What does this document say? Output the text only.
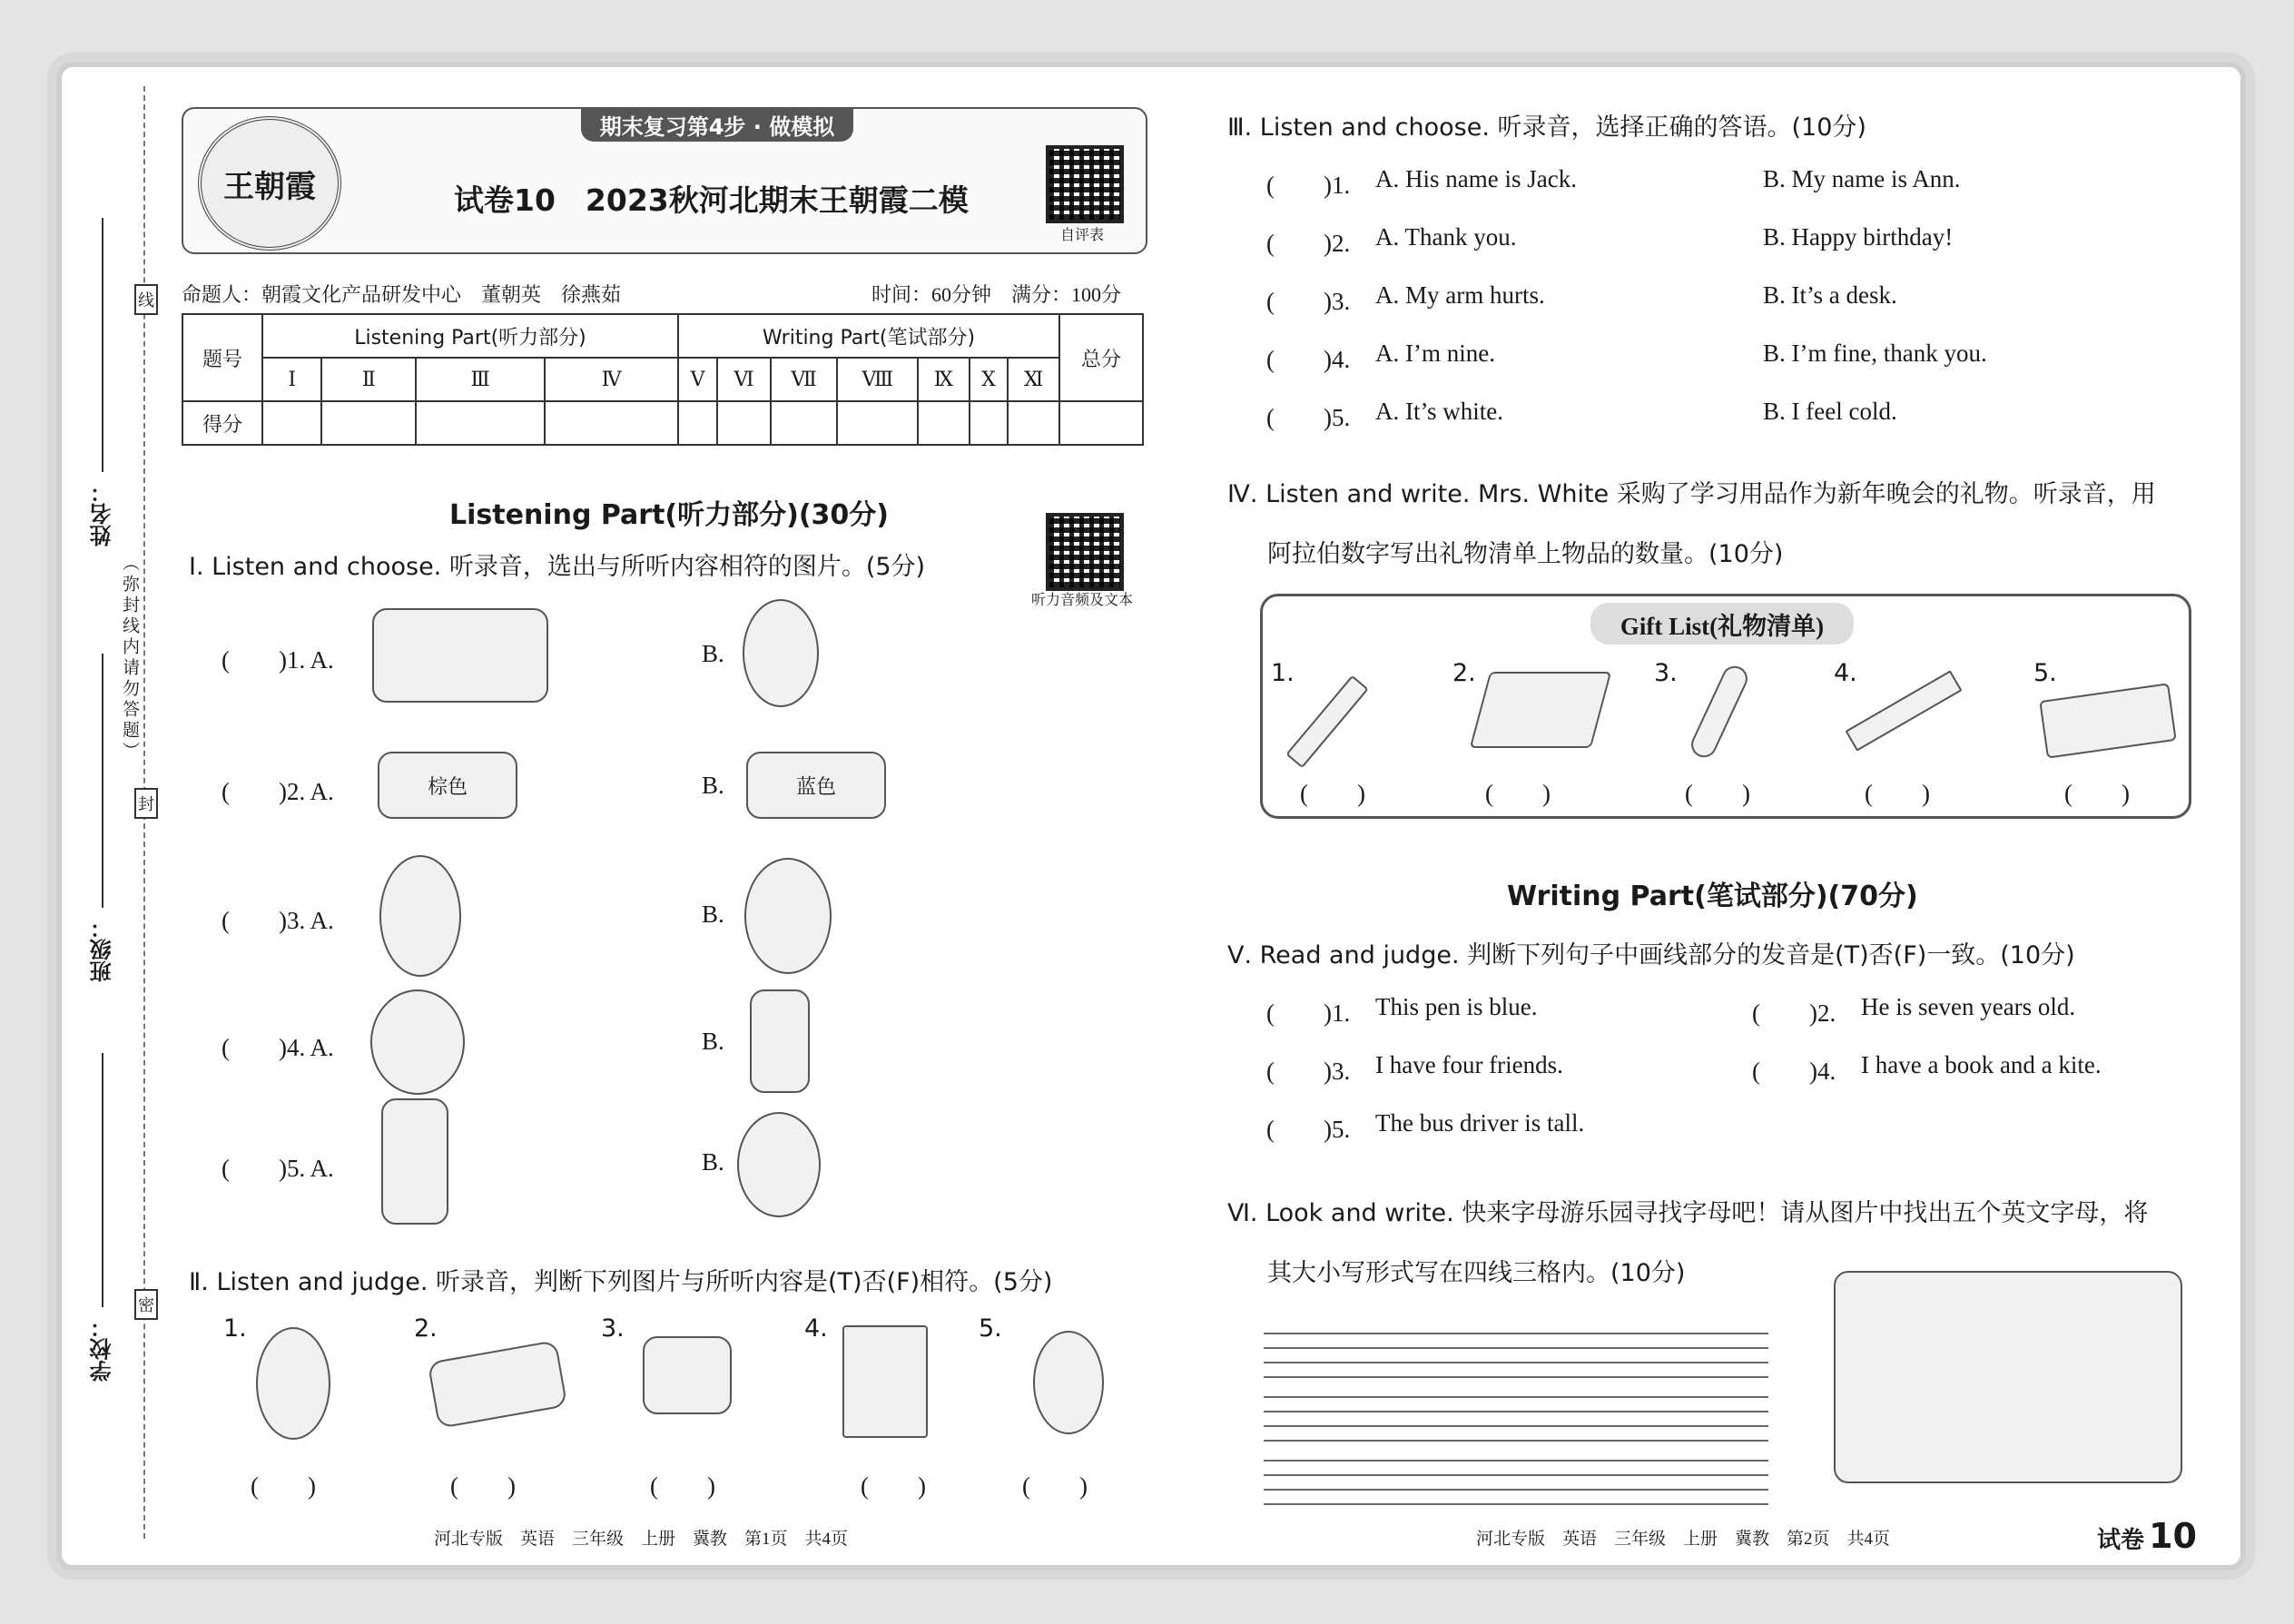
线
封
密
姓名：
班级：
学校：
（弥封线内请勿答题）
期末复习第4步 · 做模拟
王朝霞	试卷10　2023秋河北期末王朝霞二模
自评表
命题人：朝霞文化产品研发中心　董朝英　徐燕茹	时间：60分钟　满分：100分
题号	Listening Part(听力部分)				Writing Part(笔试部分)							总分
	Ⅰ	Ⅱ	Ⅲ	Ⅳ	Ⅴ	Ⅵ	Ⅶ	Ⅷ	Ⅸ	Ⅹ	Ⅺ	
得分												
Listening Part(听力部分)(30分)
听力音频及文本
Ⅰ. Listen and choose. 听录音，选出与所听内容相符的图片。(5分)
(　　)1. A.	B.
(　　)2. A.	棕色	B.	蓝色
(　　)3. A.	B.
(　　)4. A.	B.
(　　)5. A.	B.
Ⅱ. Listen and judge. 听录音，判断下列图片与所听内容是(T)否(F)相符。(5分)
1.
(　　)
2.
(　　)
3.
(　　)
4.
(　　)
5.
(　　)
Ⅲ. Listen and choose. 听录音，选择正确的答语。(10分)
(　　)1. A. His name is Jack.	B. My name is Ann.
(　　)2. A. Thank you.	B. Happy birthday!
(　　)3. A. My arm hurts.	B. It’s a desk.
(　　)4. A. I’m nine.	B. I’m fine, thank you.
(　　)5. A. It’s white.	B. I feel cold.
Ⅳ. Listen and write. Mrs. White 采购了学习用品作为新年晚会的礼物。听录音，用
阿拉伯数字写出礼物清单上物品的数量。(10分)
Gift List(礼物清单)
1.
(　　)
2.
(　　)
3.
(　　)
4.
(　　)
5.
(　　)
Writing Part(笔试部分)(70分)
Ⅴ. Read and judge. 判断下列句子中画线部分的发音是(T)否(F)一致。(10分)
(　　)1. This pen is blue.	(　　)2. He is seven years old.
(　　)3. I have four friends.	(　　)4. I have a book and a kite.
(　　)5. The bus driver is tall.
Ⅵ. Look and write. 快来字母游乐园寻找字母吧！请从图片中找出五个英文字母，将
其大小写形式写在四线三格内。(10分)
河北专版　英语　三年级　上册　冀教　第1页　共4页	河北专版　英语　三年级　上册　冀教　第2页　共4页	试卷 10
